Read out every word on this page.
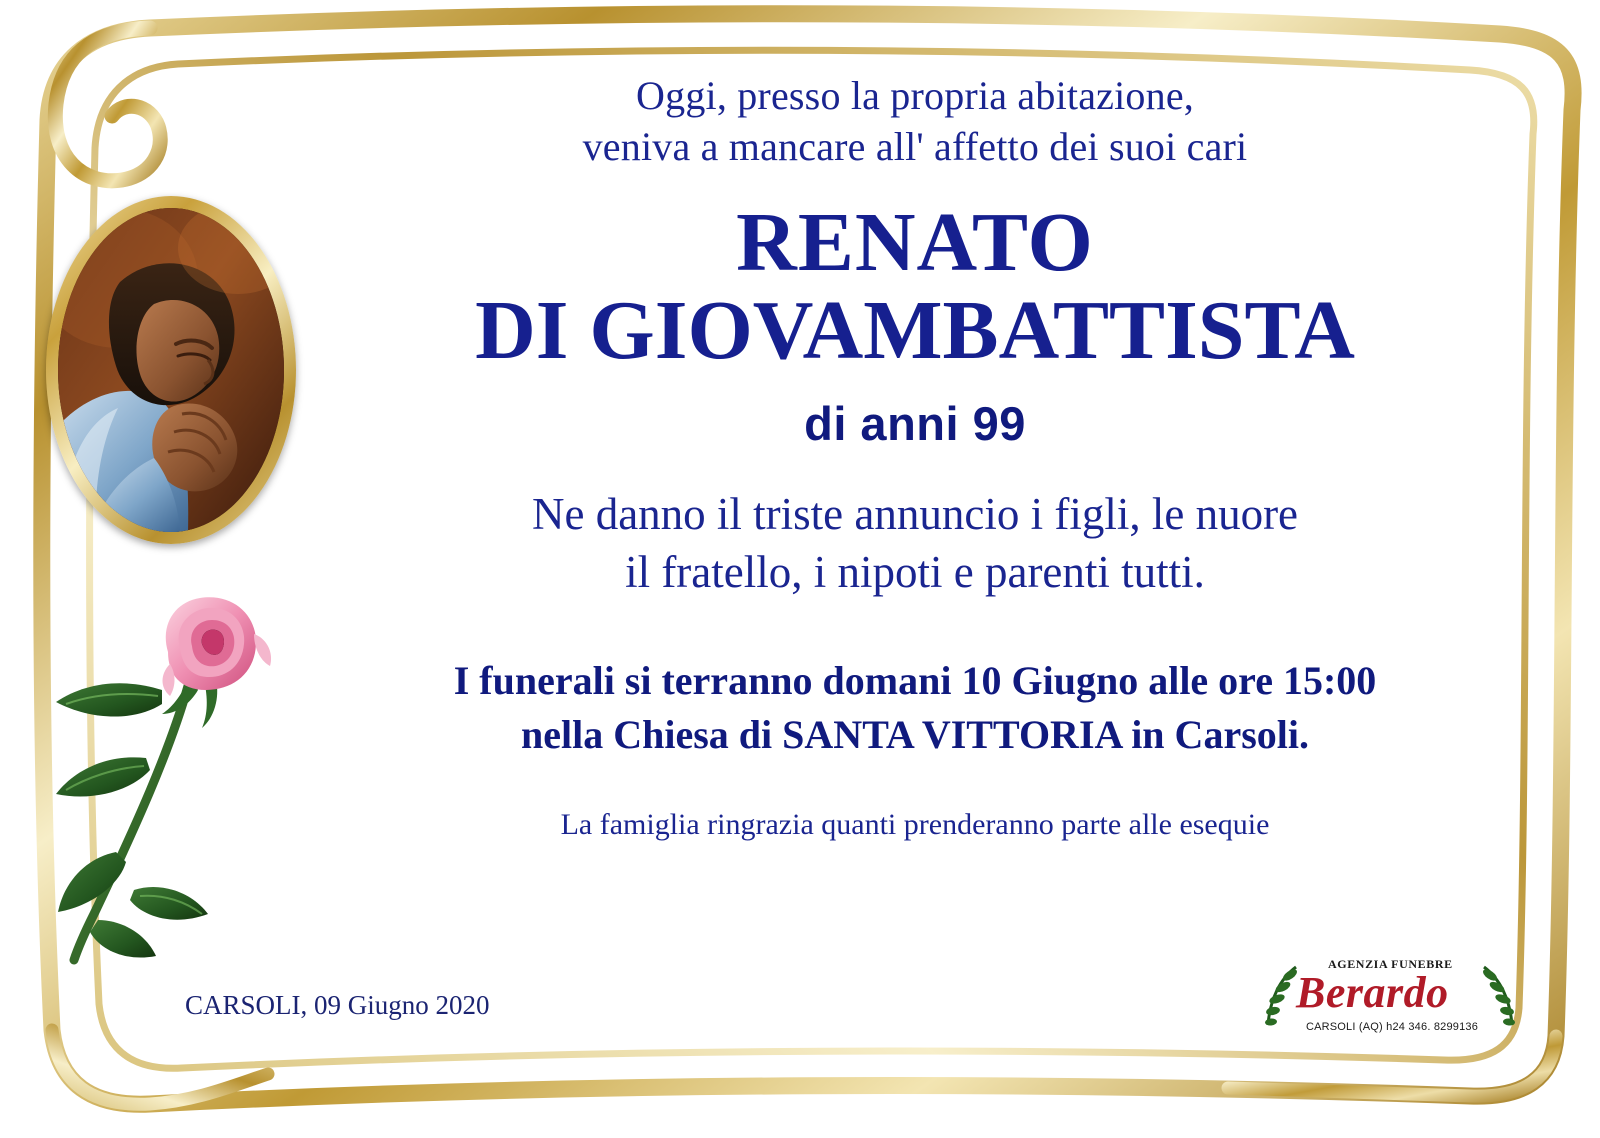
Oggi, presso la propria abitazione,
veniva a mancare all' affetto dei suoi cari
RENATO
DI GIOVAMBATTISTA
di anni 99
Ne danno il triste annuncio i figli, le nuore
il fratello, i nipoti e parenti tutti.
I funerali si terranno domani 10 Giugno alle ore 15:00
nella Chiesa di SANTA VITTORIA in Carsoli.
La famiglia ringrazia quanti prenderanno parte alle esequie
CARSOLI, 09 Giugno 2020
AGENZIA FUNEBRE
Berardo
CARSOLI (AQ) h24 346. 8299136
